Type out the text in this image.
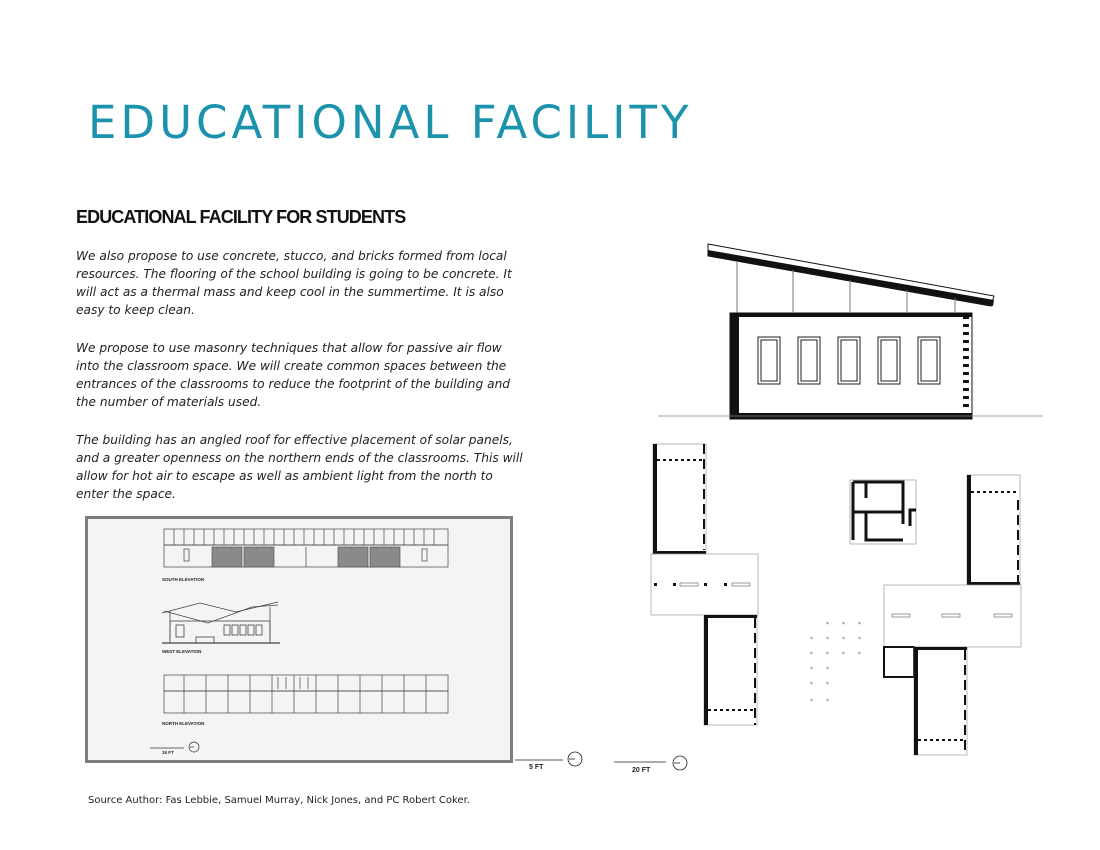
EDUCATIONAL FACILITY
EDUCATIONAL FACILITY FOR STUDENTS

We also propose to use concrete, stucco, and bricks formed from local resources. The flooring of the school building is going to be concrete. It will act as a thermal mass and keep cool in the summertime. It is also easy to keep clean.

We propose to use masonry techniques that allow for passive air flow into the classroom space. We will create common spaces between the entrances of the classrooms to reduce the footprint of the building and the number of materials used.

The building has an angled roof for effective placement of solar panels, and a greater openness on the northern ends of the classrooms. This will allow for hot air to escape as well as ambient light from the north to enter the space.

SOUTH ELEVATION
WEST ELEVATION
NORTH ELEVATION
15 FT
5 FT
×
×
×
×
×
×
×
×
×
×
×
×
×
×
×
×
×
20 FT

Source Author: Fas Lebbie, Samuel Murray, Nick Jones, and PC Robert Coker.
